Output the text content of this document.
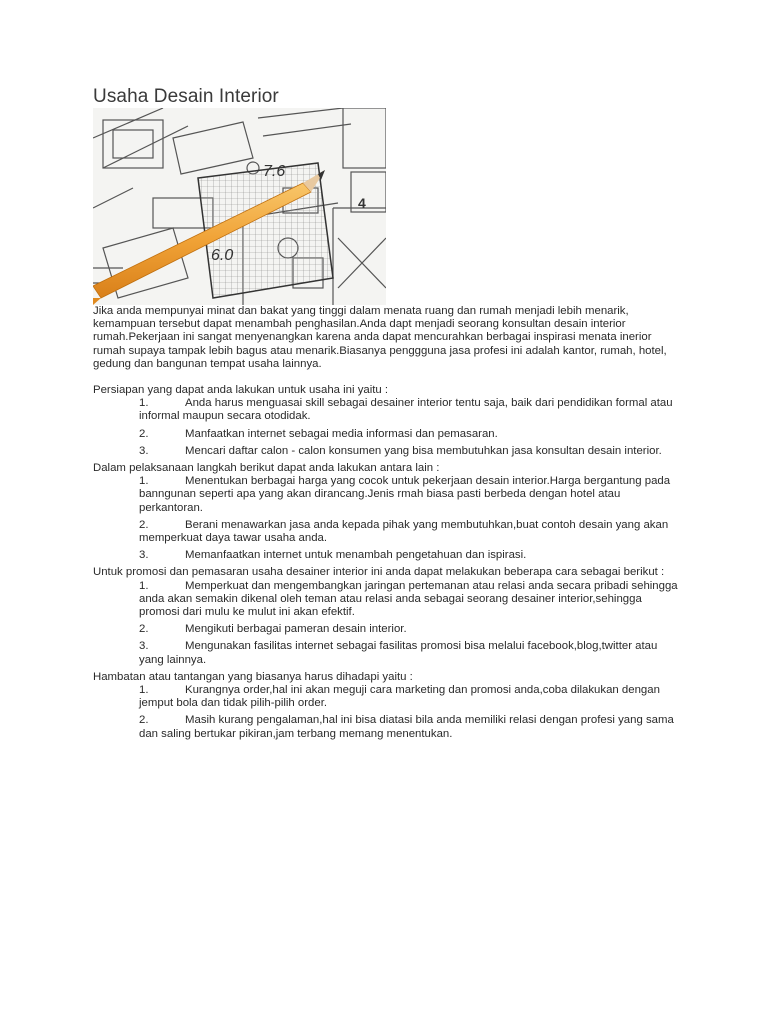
Usaha Desain Interior
7.6
6.0
4

Jika anda mempunyai minat dan bakat yang tinggi dalam menata ruang dan rumah menjadi lebih menarik, kemampuan tersebut dapat menambah penghasilan.Anda dapt menjadi seorang konsultan desain interior rumah.Pekerjaan ini sangat menyenangkan karena anda dapat mencurahkan berbagai inspirasi menata inerior rumah supaya tampak lebih bagus atau menarik.Biasanya penggguna jasa profesi ini adalah kantor, rumah, hotel, gedung dan bangunan tempat usaha lainnya.

Persiapan yang dapat anda lakukan untuk usaha ini yaitu :

1.	Anda harus menguasai skill sebagai desainer interior tentu saja, baik dari pendidikan formal atau informal maupun secara otodidak.
2.	Manfaatkan internet sebagai media informasi dan pemasaran.
3.	Mencari daftar calon - calon konsumen yang bisa membutuhkan jasa konsultan desain interior.

Dalam pelaksanaan langkah berikut dapat anda lakukan antara lain :

1.	Menentukan berbagai harga yang cocok untuk pekerjaan desain interior.Harga bergantung pada banngunan seperti apa yang akan dirancang.Jenis rmah biasa pasti berbeda dengan hotel atau perkantoran.
2.	Berani menawarkan jasa anda kepada pihak yang membutuhkan,buat contoh desain yang akan memperkuat daya tawar usaha anda.
3.	Memanfaatkan internet untuk menambah pengetahuan dan ispirasi.

Untuk promosi dan pemasaran usaha desainer interior ini anda dapat melakukan beberapa cara sebagai berikut :

1.	Memperkuat dan mengembangkan jaringan pertemanan atau relasi anda secara pribadi sehingga anda akan semakin dikenal oleh teman atau relasi anda sebagai seorang desainer interior,sehingga promosi dari mulu ke mulut ini akan efektif.
2.	Mengikuti berbagai pameran desain interior.
3.	Mengunakan fasilitas internet sebagai fasilitas promosi bisa melalui facebook,blog,twitter atau yang lainnya.

Hambatan atau tantangan yang biasanya harus dihadapi yaitu :

1.	Kurangnya order,hal ini akan meguji cara marketing dan promosi anda,coba dilakukan dengan jemput bola dan tidak pilih-pilih order.
2.	Masih kurang pengalaman,hal ini bisa diatasi bila anda memiliki relasi dengan profesi yang sama dan saling bertukar pikiran,jam terbang memang menentukan.
